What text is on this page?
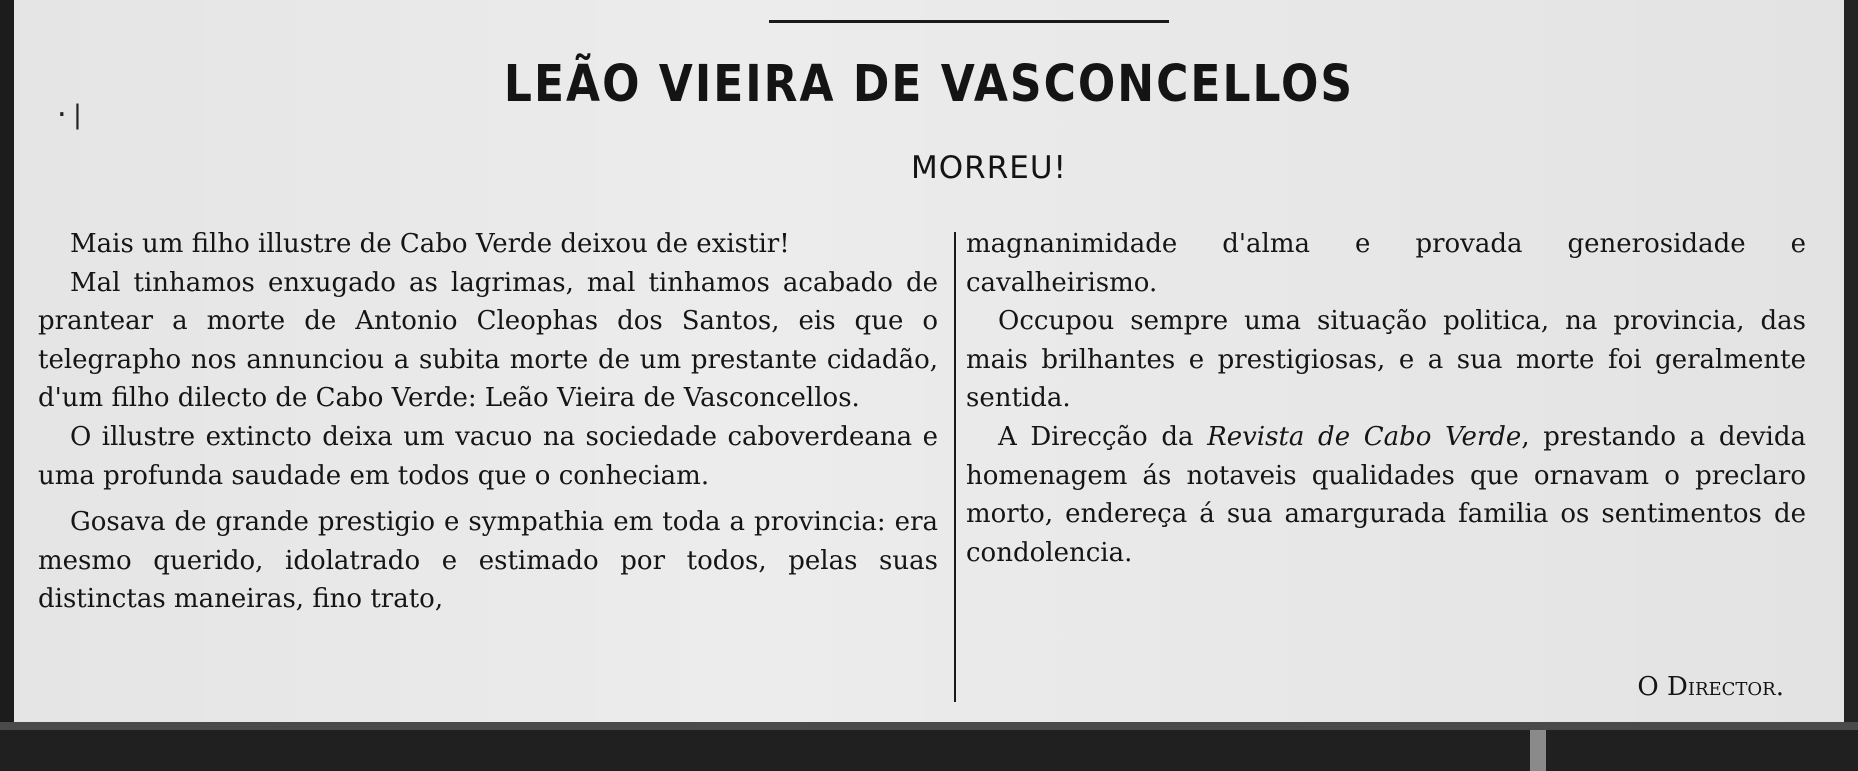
·|
LEÃO VIEIRA DE VASCONCELLOS
MORREU!

Mais um filho illustre de Cabo Verde deixou de existir!

Mal tinhamos enxugado as lagrimas, mal tinhamos acabado de prantear a morte de Antonio Cleophas dos Santos, eis que o telegrapho nos annunciou a subita morte de um prestante cidadão, d'um filho dilecto de Cabo Verde: Leão Vieira de Vasconcellos.

O illustre extincto deixa um vacuo na sociedade caboverdeana e uma profunda saudade em todos que o conheciam.

Gosava de grande prestigio e sympathia em toda a provincia: era mesmo querido, idolatrado e estimado por todos, pelas suas distinctas maneiras, fino trato,

magnanimidade d'alma e provada generosidade e cavalheirismo.

Occupou sempre uma situação politica, na provincia, das mais brilhantes e prestigiosas, e a sua morte foi geralmente sentida.

A Direcção da Revista de Cabo Verde, prestando a devida homenagem ás notaveis qualidades que ornavam o preclaro morto, endereça á sua amargurada familia os sentimentos de condolencia.

O Director.
